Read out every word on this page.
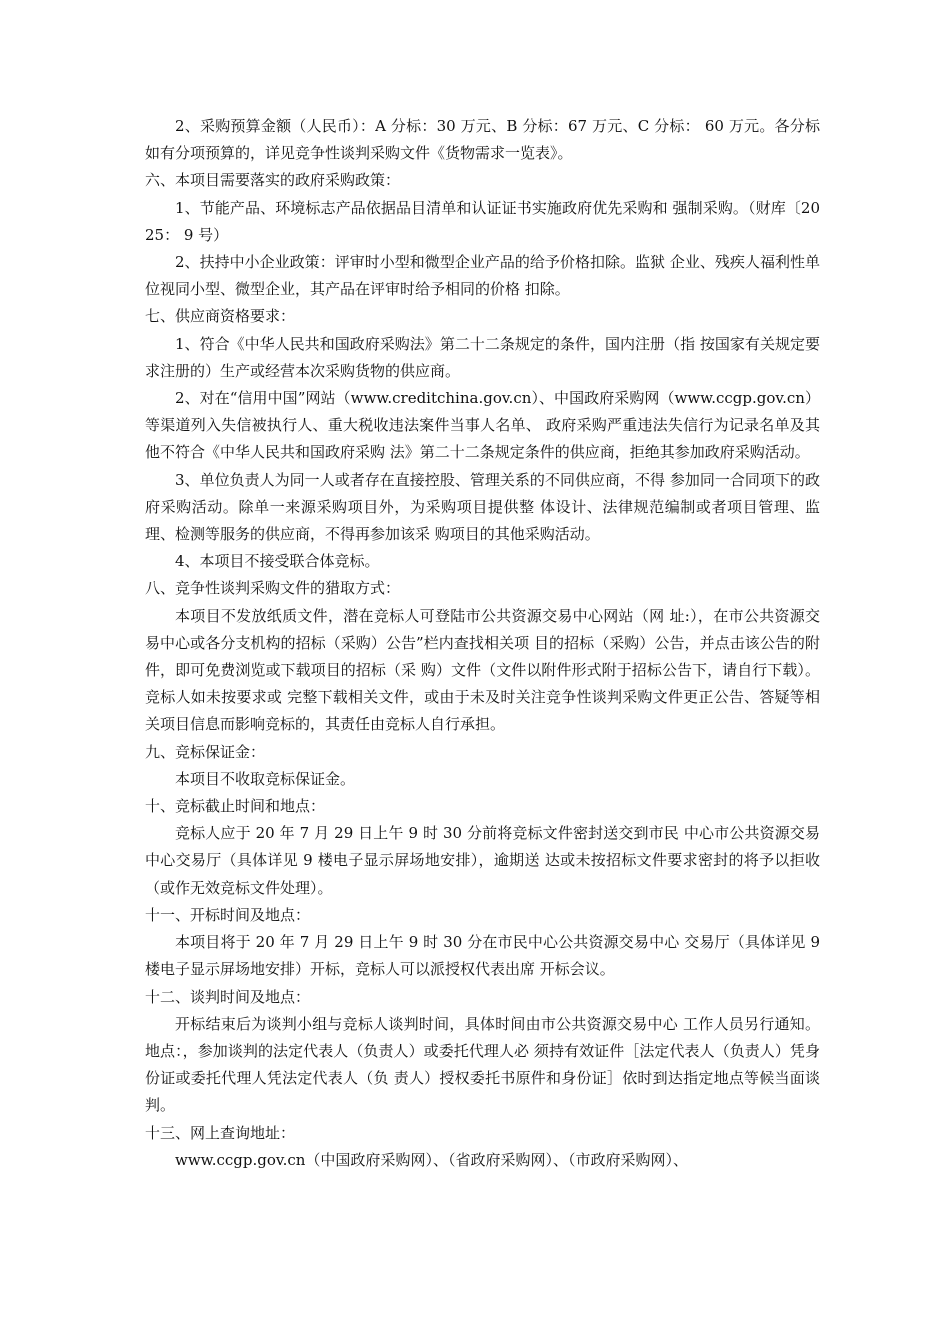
2、采购预算金额（人民币）：A 分标：30 万元、B 分标：67 万元、C 分标： 60 万元。各分标如有分项预算的，详见竞争性谈判采购文件《货物需求一览表》。

六、本项目需要落实的政府采购政策：

1、节能产品、环境标志产品依据品目清单和认证证书实施政府优先采购和 强制采购。（财库〔2025： 9 号）

2、扶持中小企业政策：评审时小型和微型企业产品的给予价格扣除。监狱 企业、残疾人福利性单位视同小型、微型企业，其产品在评审时给予相同的价格 扣除。

七、供应商资格要求：

1、符合《中华人民共和国政府采购法》第二十二条规定的条件，国内注册（指 按国家有关规定要求注册的）生产或经营本次采购货物的供应商。

2、对在“信用中国”网站（www.creditchina.gov.cn）、中国政府采购网（www.ccgp.gov.cn）等渠道列入失信被执行人、重大税收违法案件当事人名单、 政府采购严重违法失信行为记录名单及其他不符合《中华人民共和国政府采购 法》第二十二条规定条件的供应商，拒绝其参加政府采购活动。

3、单位负责人为同一人或者存在直接控股、管理关系的不同供应商，不得 参加同一合同项下的政府采购活动。除单一来源采购项目外，为采购项目提供整 体设计、法律规范编制或者项目管理、监理、检测等服务的供应商，不得再参加该采 购项目的其他采购活动。

4、本项目不接受联合体竞标。

八、竞争性谈判采购文件的猎取方式：

本项目不发放纸质文件，潜在竞标人可登陆市公共资源交易中心网站（网 址:），在市公共资源交易中心或各分支机构的招标（采购）公告”栏内查找相关项 目的招标（采购）公告，并点击该公告的附件，即可免费浏览或下载项目的招标（采 购）文件（文件以附件形式附于招标公告下，请自行下载）。竞标人如未按要求或 完整下载相关文件，或由于未及时关注竞争性谈判采购文件更正公告、答疑等相 关项目信息而影响竞标的，其责任由竞标人自行承担。

九、竞标保证金：

本项目不收取竞标保证金。

十、竞标截止时间和地点：

竞标人应于 20 年 7 月 29 日上午 9 时 30 分前将竞标文件密封送交到市民 中心市公共资源交易中心交易厅（具体详见 9 楼电子显示屏场地安排），逾期送 达或未按招标文件要求密封的将予以拒收（或作无效竞标文件处理）。

十一、开标时间及地点：

本项目将于 20 年 7 月 29 日上午 9 时 30 分在市民中心公共资源交易中心 交易厅（具体详见 9 楼电子显示屏场地安排）开标，竞标人可以派授权代表出席 开标会议。

十二、谈判时间及地点：

开标结束后为谈判小组与竞标人谈判时间，具体时间由市公共资源交易中心 工作人员另行通知。地点：，参加谈判的法定代表人（负责人）或委托代理人必 须持有效证件［法定代表人（负责人）凭身份证或委托代理人凭法定代表人（负 责人）授权委托书原件和身份证］依时到达指定地点等候当面谈判。

十三、网上查询地址：

www.ccgp.gov.cn（中国政府采购网）、（省政府采购网）、（市政府采购网）、
